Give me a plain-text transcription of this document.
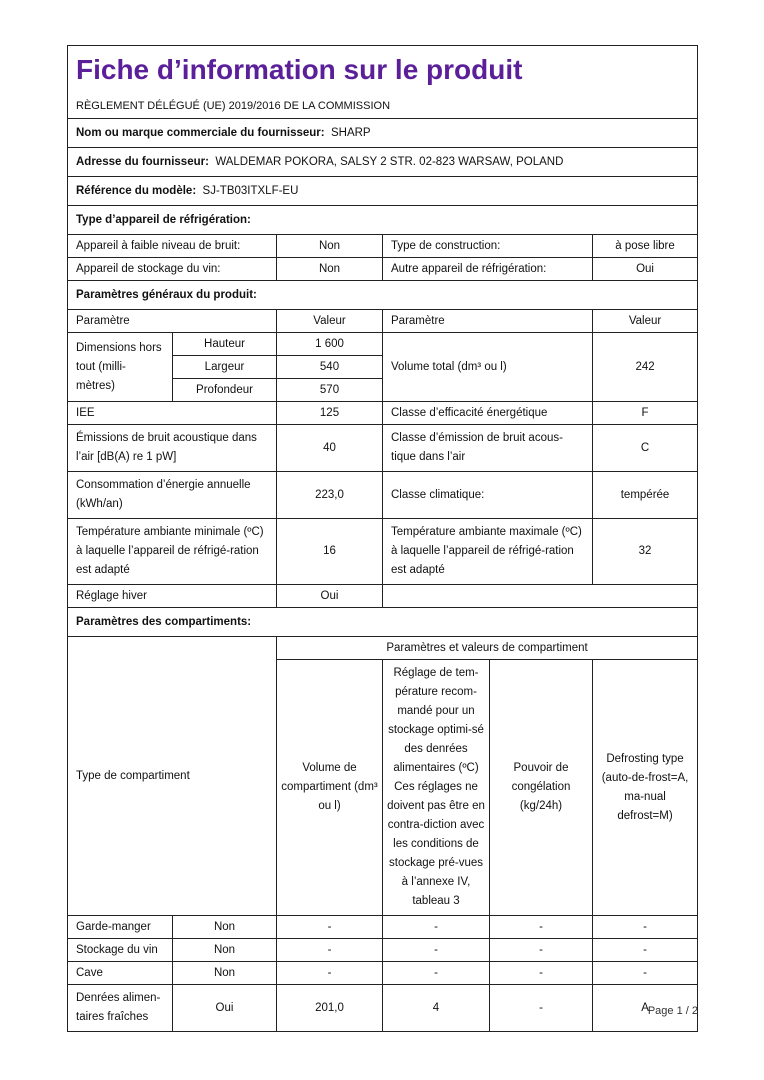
Fiche d’information sur le produit					
RÈGLEMENT DÉLÉGUÉ (UE) 2019/2016 DE LA COMMISSION					
Nom ou marque commerciale du fournisseur: SHARP					
Adresse du fournisseur: WALDEMAR POKORA, SALSY 2 STR. 02-823 WARSAW, POLAND					
Référence du modèle: SJ-TB03ITXLF-EU					
Type d’appareil de réfrigération:					
Appareil à faible niveau de bruit:		Non	Type de construction:		à pose libre
Appareil de stockage du vin:		Non	Autre appareil de réfrigération:		Oui
Paramètres généraux du produit:					
Paramètre		Valeur	Paramètre		Valeur
Dimensions hors tout (milli-mètres)	Hauteur	1 600	Volume total (dm³ ou l)		242
	Largeur	540			
	Profondeur	570			
IEE		125	Classe d’efficacité énergétique		F
Émissions de bruit acoustique dans l’air [dB(A) re 1 pW]		40	Classe d’émission de bruit acous-tique dans l’air		C
Consommation d’énergie annuelle (kWh/an)		223,0	Classe climatique:		tempérée
Température ambiante minimale (ºC) à laquelle l’appareil de réfrigé-ration est adapté		16	Température ambiante maximale (ºC) à laquelle l’appareil de réfrigé-ration est adapté		32
Réglage hiver		Oui			
Paramètres des compartiments:					
Type de compartiment		Paramètres et valeurs de compartiment			
		Volume de compartiment (dm³ ou l)	Réglage de tem-pérature recom-mandé pour un stockage optimi-sé des denrées alimentaires (ºC) Ces réglages ne doivent pas être en contra-diction avec les conditions de stockage pré-vues à l’annexe IV, tableau 3	Pouvoir de congélation (kg/24h)	Defrosting type (auto-de-frost=A, ma-nual defrost=M)
Garde-manger	Non	-	-	-	-
Stockage du vin	Non	-	-	-	-
Cave	Non	-	-	-	-
Denrées alimen-taires fraîches	Oui	201,0	4	-	A
Page 1 / 2
